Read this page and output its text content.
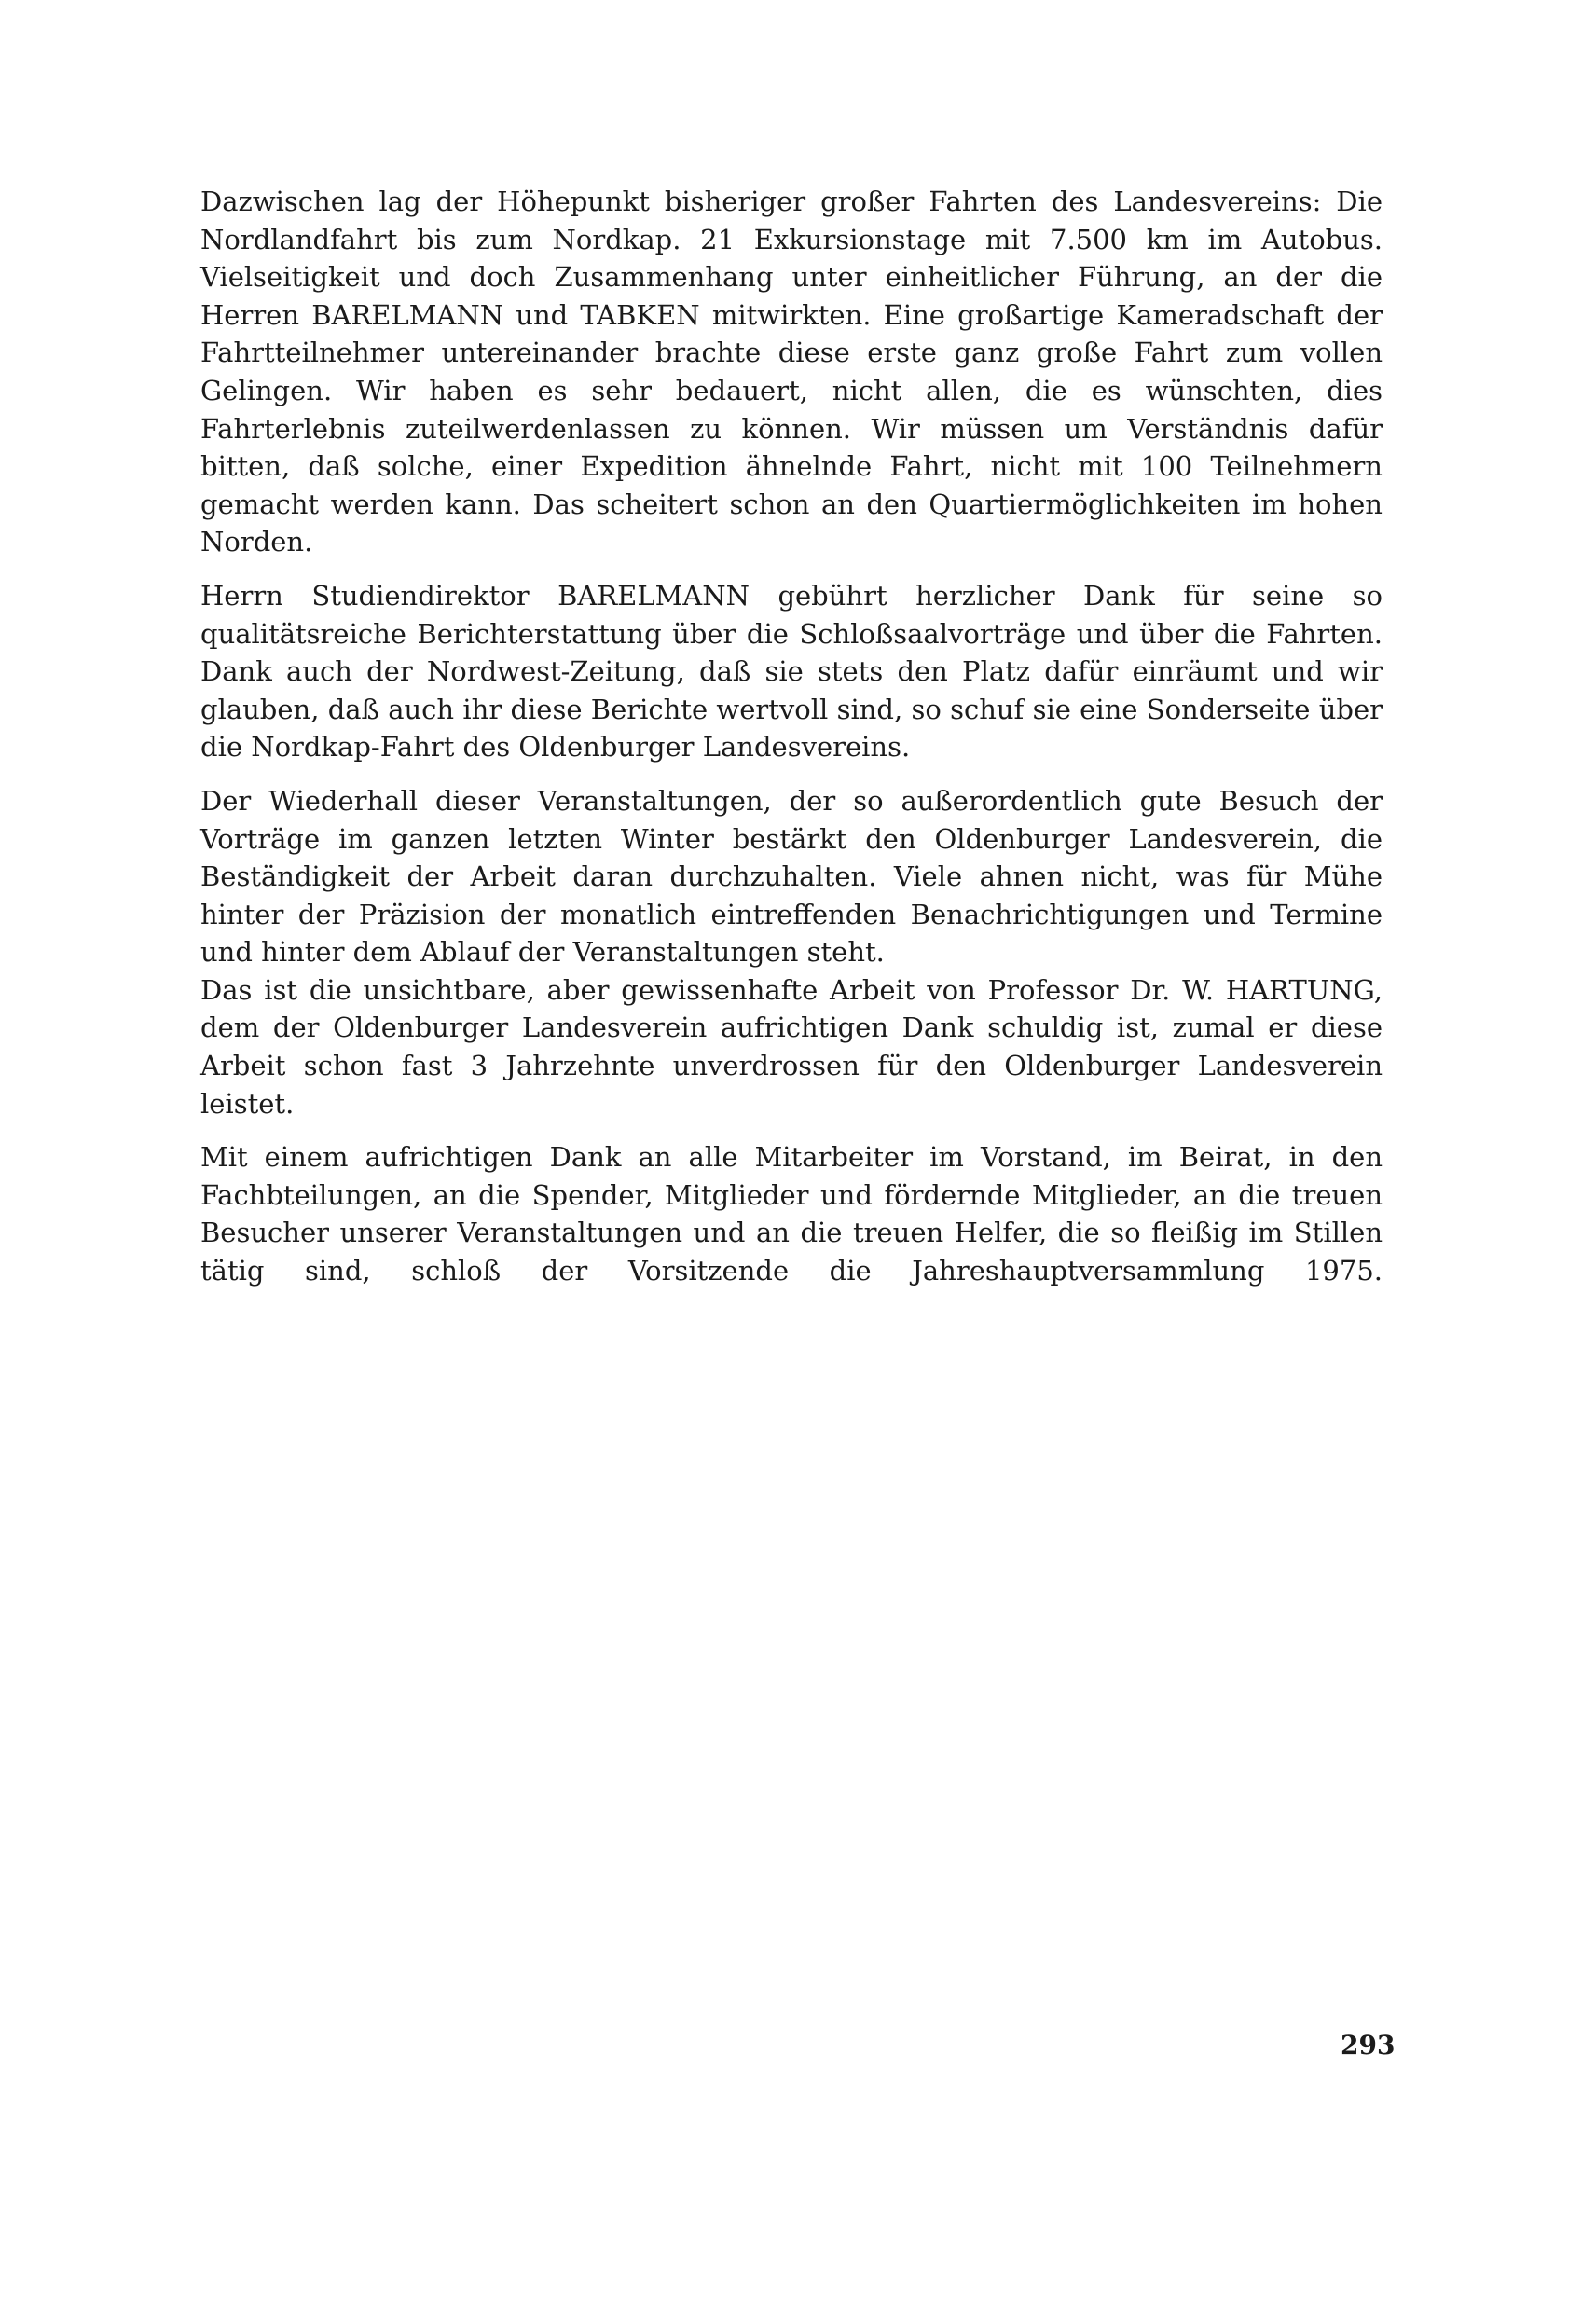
Dazwischen lag der Höhepunkt bisheriger großer Fahrten des Landesvereins: Die Nordlandfahrt bis zum Nordkap. 21 Exkursionstage mit 7.500 km im Autobus. Vielseitigkeit und doch Zusammenhang unter einheitlicher Führung, an der die Herren BARELMANN und TABKEN mitwirkten. Eine großartige Kameradschaft der Fahrtteilnehmer untereinander brachte diese erste ganz große Fahrt zum vollen Gelingen. Wir haben es sehr bedauert, nicht allen, die es wünschten, dies Fahrterlebnis zuteilwerdenlassen zu können. Wir müssen um Verständnis dafür bitten, daß solche, einer Expedition ähnelnde Fahrt, nicht mit 100 Teilnehmern gemacht werden kann. Das scheitert schon an den Quartiermöglichkeiten im hohen Norden.

Herrn Studiendirektor BARELMANN gebührt herzlicher Dank für seine so qualitätsreiche Berichterstattung über die Schloßsaalvorträge und über die Fahrten. Dank auch der Nordwest-Zeitung, daß sie stets den Platz dafür einräumt und wir glauben, daß auch ihr diese Berichte wertvoll sind, so schuf sie eine Sonderseite über die Nordkap-Fahrt des Oldenburger Landesvereins.

Der Wiederhall dieser Veranstaltungen, der so außerordentlich gute Besuch der Vorträge im ganzen letzten Winter bestärkt den Oldenburger Landesverein, die Beständigkeit der Arbeit daran durchzuhalten. Viele ahnen nicht, was für Mühe hinter der Präzision der monatlich eintreffenden Benachrichtigungen und Termine und hinter dem Ablauf der Veranstaltungen steht.

Das ist die unsichtbare, aber gewissenhafte Arbeit von Professor Dr. W. HARTUNG, dem der Oldenburger Landesverein aufrichtigen Dank schuldig ist, zumal er diese Arbeit schon fast 3 Jahrzehnte unverdrossen für den Oldenburger Landesverein leistet.

Mit einem aufrichtigen Dank an alle Mitarbeiter im Vorstand, im Beirat, in den Fachbteilungen, an die Spender, Mitglieder und fördernde Mitglieder, an die treuen Besucher unserer Veranstaltungen und an die treuen Helfer, die so fleißig im Stillen tätig sind, schloß der Vorsitzende die Jahreshauptversammlung 1975.

293
